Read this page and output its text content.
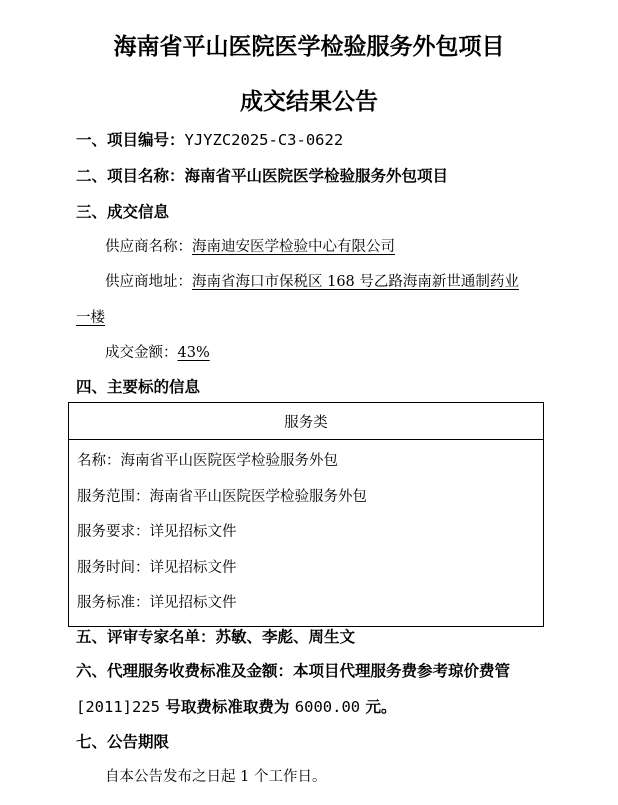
海南省平山医院医学检验服务外包项目
成交结果公告
一、项目编号：YJYZC2025-C3-0622
二、项目名称：海南省平山医院医学检验服务外包项目
三、成交信息
供应商名称：海南迪安医学检验中心有限公司
供应商地址：海南省海口市保税区 168 号乙路海南新世通制药业
一楼
成交金额：43%
四、主要标的信息
服务类

名称：海南省平山医院医学检验服务外包
服务范围：海南省平山医院医学检验服务外包
服务要求：详见招标文件
服务时间：详见招标文件
服务标准：详见招标文件
五、评审专家名单：苏敏、李彪、周生文
六、代理服务收费标准及金额：本项目代理服务费参考琼价费管
[2011]225 号取费标准取费为 6000.00 元。
七、公告期限
自本公告发布之日起 1 个工作日。
